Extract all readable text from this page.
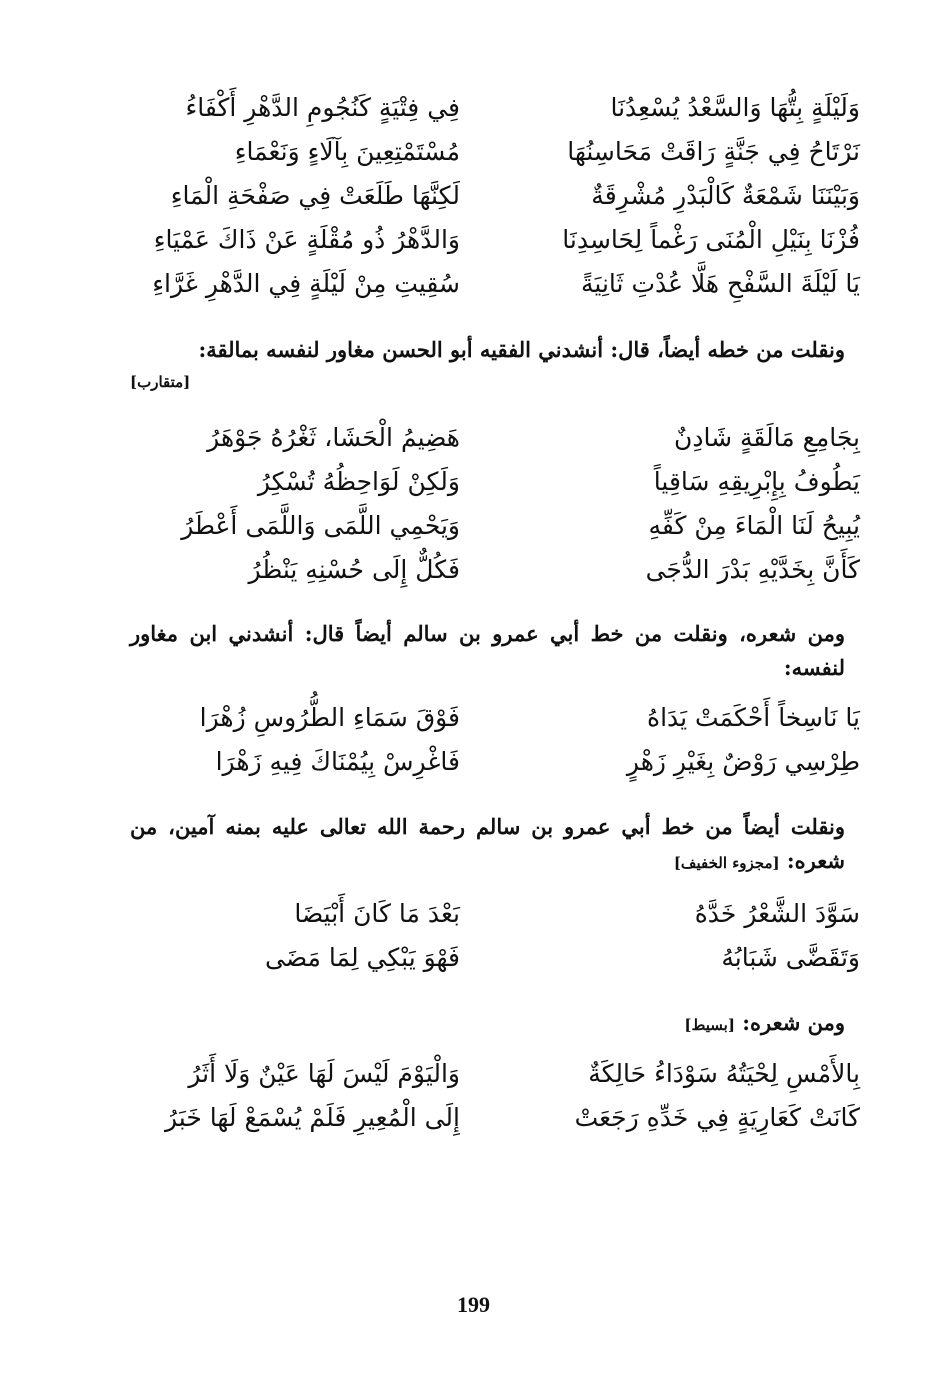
وَلَيْلَةٍ بِتُّهَا وَالسَّعْدُ يُسْعِدُنَا
فِي فِتْيَةٍ كَنُجُومِ الدَّهْرِ أَكْفَاءُ
نَرْتَاحُ فِي جَنَّةٍ رَاقَتْ مَحَاسِنُهَا
مُسْتَمْتِعِينَ بِآلَاءٍ وَنَعْمَاءِ
وَبَيْنَنَا شَمْعَةٌ كَالْبَدْرِ مُشْرِقَةٌ
لَكِنَّهَا طَلَعَتْ فِي صَفْحَةِ الْمَاءِ
فُزْنَا بِنَيْلِ الْمُنَى رَغْماً لِحَاسِدِنَا
وَالدَّهْرُ ذُو مُقْلَةٍ عَنْ ذَاكَ عَمْيَاءِ
يَا لَيْلَةَ السَّفْحِ هَلَّا عُدْتِ ثَانِيَةً
سُقِيتِ مِنْ لَيْلَةٍ فِي الدَّهْرِ غَرَّاءِ
ونقلت من خطه أيضاً، قال: أنشدني الفقيه أبو الحسن مغاور لنفسه بمالقة:
[متقارب]
بِجَامِعِ مَالَقَةٍ شَادِنٌ
هَضِيمُ الْحَشَا، ثَغْرُهُ جَوْهَرُ
يَطُوفُ بِإِبْرِيقِهِ سَاقِياً
وَلَكِنْ لَوَاحِظُهُ تُسْكِرُ
يُبِيحُ لَنَا الْمَاءَ مِنْ كَفِّهِ
وَيَحْمِي اللَّمَى وَاللَّمَى أَعْطَرُ
كَأَنَّ بِخَدَّيْهِ بَدْرَ الدُّجَى
فَكُلٌّ إِلَى حُسْنِهِ يَنْظُرُ
ومن شعره، ونقلت من خط أبي عمرو بن سالم أيضاً قال: أنشدني ابن مغاور لنفسه:
يَا نَاسِخاً أَحْكَمَتْ يَدَاهُ
فَوْقَ سَمَاءِ الطُّرُوسِ زُهْرَا
طِرْسِي رَوْضٌ بِغَيْرِ زَهْرٍ
فَاغْرِسْ بِيُمْنَاكَ فِيهِ زَهْرَا
ونقلت أيضاً من خط أبي عمرو بن سالم رحمة الله تعالى عليه بمنه آمين، من شعره: [مجزوء الخفيف]
سَوَّدَ الشَّعْرُ خَدَّهُ
بَعْدَ مَا كَانَ أَبْيَضَا
وَتَقَضَّى شَبَابُهُ
فَهْوَ يَبْكِي لِمَا مَضَى
ومن شعره: [بسيط]
بِالأَمْسِ لِحْيَتُهُ سَوْدَاءُ حَالِكَةٌ
وَالْيَوْمَ لَيْسَ لَهَا عَيْنٌ وَلَا أَثَرُ
كَانَتْ كَعَارِيَةٍ فِي خَدِّهِ رَجَعَتْ
إِلَى الْمُعِيرِ فَلَمْ يُسْمَعْ لَهَا خَبَرُ
199
